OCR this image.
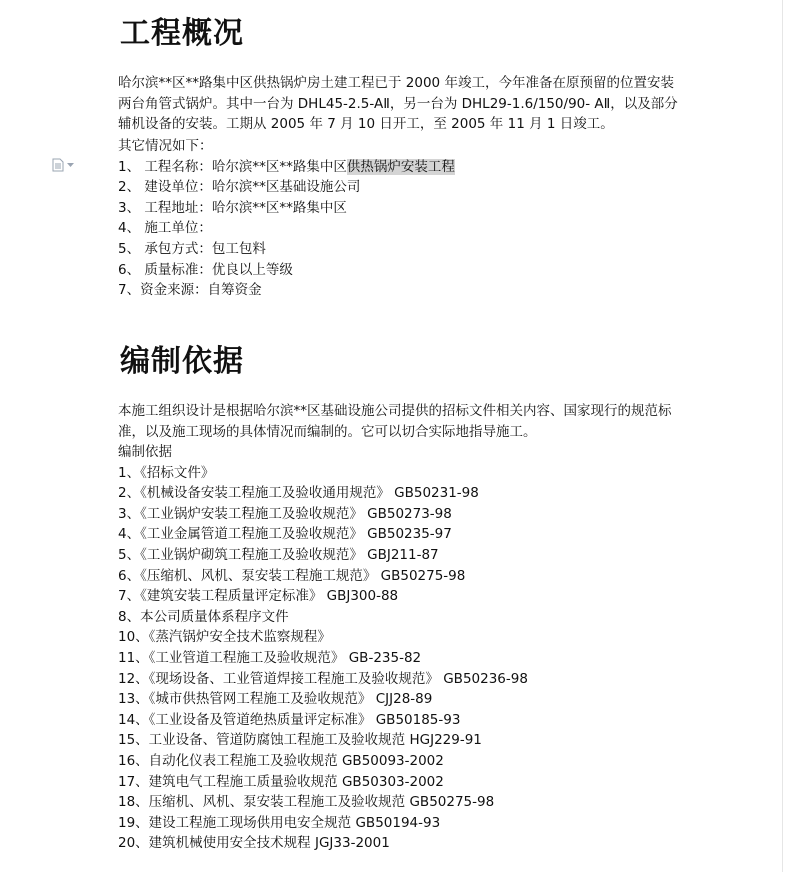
工程概况

哈尔滨**区**路集中区供热锅炉房土建工程已于 2000 年竣工，今年准备在原预留的位置安装两台角管式锅炉。其中一台为 DHL45-2.5-AⅡ，另一台为 DHL29-1.6/150/90- AⅡ，以及部分辅机设备的安装。工期从 2005 年 7 月 10 日开工，至 2005 年 11 月 1 日竣工。

其它情况如下：
1、 工程名称：哈尔滨**区**路集中区供热锅炉安装工程
2、 建设单位：哈尔滨**区基础设施公司
3、 工程地址：哈尔滨**区**路集中区
4、 施工单位：
5、 承包方式：包工包料
6、 质量标准：优良以上等级
7、资金来源：自筹资金
编制依据

本施工组织设计是根据哈尔滨**区基础设施公司提供的招标文件相关内容、国家现行的规范标准，以及施工现场的具体情况而编制的。它可以切合实际地指导施工。

编制依据
1、《招标文件》
2、《机械设备安装工程施工及验收通用规范》 GB50231-98
3、《工业锅炉安装工程施工及验收规范》 GB50273-98
4、《工业金属管道工程施工及验收规范》 GB50235-97
5、《工业锅炉砌筑工程施工及验收规范》 GBJ211-87
6、《压缩机、风机、泵安装工程施工规范》 GB50275-98
7、《建筑安装工程质量评定标准》 GBJ300-88
8、本公司质量体系程序文件
10、《蒸汽锅炉安全技术监察规程》
11、《工业管道工程施工及验收规范》 GB-235-82
12、《现场设备、工业管道焊接工程施工及验收规范》 GB50236-98
13、《城市供热管网工程施工及验收规范》 CJJ28-89
14、《工业设备及管道绝热质量评定标准》 GB50185-93
15、工业设备、管道防腐蚀工程施工及验收规范 HGJ229-91
16、自动化仪表工程施工及验收规范 GB50093-2002
17、建筑电气工程施工质量验收规范 GB50303-2002
18、压缩机、风机、泵安装工程施工及验收规范 GB50275-98
19、建设工程施工现场供用电安全规范 GB50194-93
20、建筑机械使用安全技术规程 JGJ33-2001
